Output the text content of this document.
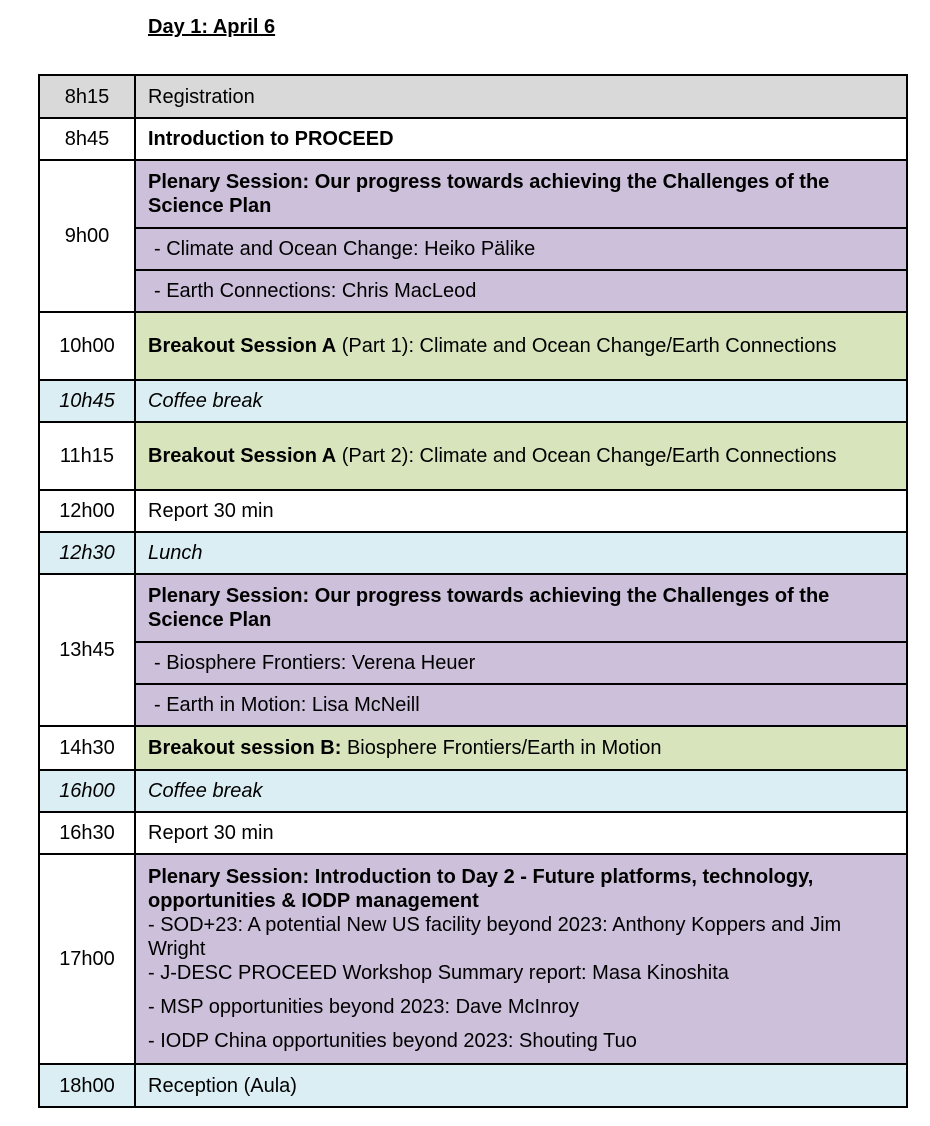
Day 1: April 6
8h15	Registration
8h45	Introduction to PROCEED
9h00	Plenary Session: Our progress towards achieving the Challenges of the Science Plan
	- Climate and Ocean Change: Heiko Pälike
	- Earth Connections: Chris MacLeod
10h00	Breakout Session A (Part 1): Climate and Ocean Change/Earth Connections
10h45	Coffee break
11h15	Breakout Session A (Part 2): Climate and Ocean Change/Earth Connections
12h00	Report 30 min
12h30	Lunch
13h45	Plenary Session: Our progress towards achieving the Challenges of the Science Plan
	- Biosphere Frontiers: Verena Heuer
	- Earth in Motion: Lisa McNeill
14h30	Breakout session B: Biosphere Frontiers/Earth in Motion
16h00	Coffee break
16h30	Report 30 min
17h00	Plenary Session: Introduction to Day 2 - Future platforms, technology, opportunities & IODP management
- SOD+23: A potential New US facility beyond 2023: Anthony Koppers and Jim Wright
- J-DESC PROCEED Workshop Summary report: Masa Kinoshita
- MSP opportunities beyond 2023: Dave McInroy
- IODP China opportunities beyond 2023: Shouting Tuo

18h00	Reception (Aula)
